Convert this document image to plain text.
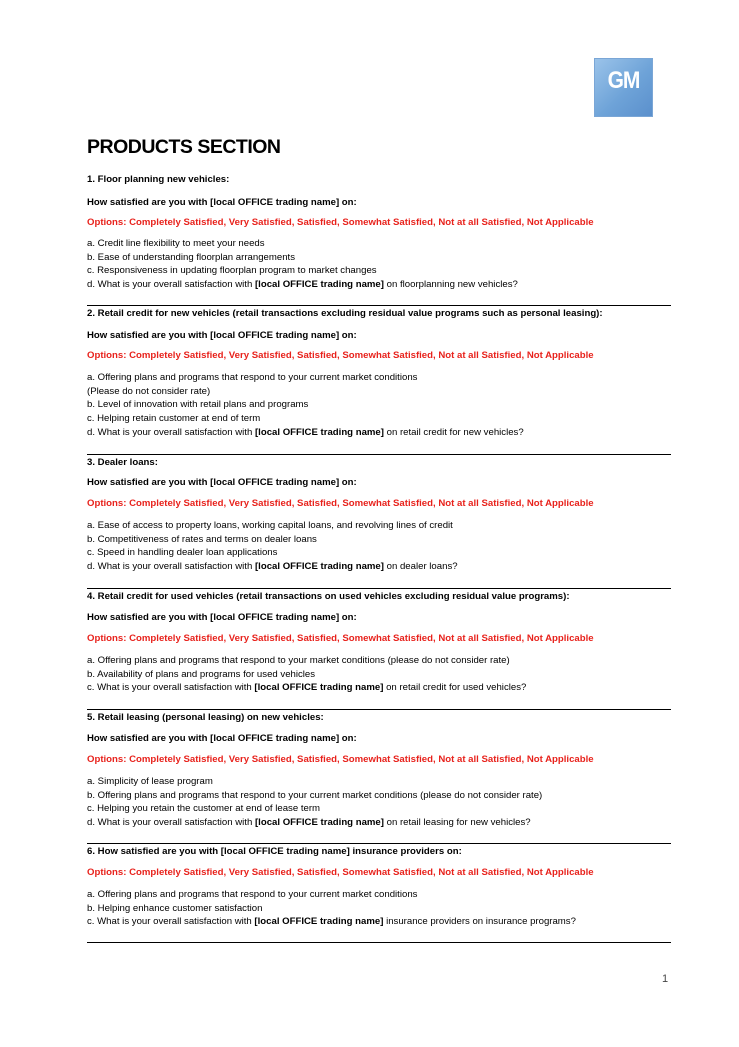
GM
PRODUCTS SECTION
1. Floor planning new vehicles:
How satisfied are you with [local OFFICE trading name] on:
Options: Completely Satisfied, Very Satisfied, Satisfied, Somewhat Satisfied, Not at all Satisfied, Not Applicable
a. Credit line flexibility to meet your needs
b. Ease of understanding floorplan arrangements
c. Responsiveness in updating floorplan program to market changes
d. What is your overall satisfaction with [local OFFICE trading name] on floorplanning new vehicles?
2. Retail credit for new vehicles (retail transactions excluding residual value programs such as personal leasing):
How satisfied are you with [local OFFICE trading name] on:
Options: Completely Satisfied, Very Satisfied, Satisfied, Somewhat Satisfied, Not at all Satisfied, Not Applicable
a. Offering plans and programs that respond to your current market conditions
(Please do not consider rate)
b. Level of innovation with retail plans and programs
c. Helping retain customer at end of term
d. What is your overall satisfaction with [local OFFICE trading name] on retail credit for new vehicles?
3. Dealer loans:
How satisfied are you with [local OFFICE trading name] on:
Options: Completely Satisfied, Very Satisfied, Satisfied, Somewhat Satisfied, Not at all Satisfied, Not Applicable
a. Ease of access to property loans, working capital loans, and revolving lines of credit
b. Competitiveness of rates and terms on dealer loans
c. Speed in handling dealer loan applications
d. What is your overall satisfaction with [local OFFICE trading name] on dealer loans?
4. Retail credit for used vehicles (retail transactions on used vehicles excluding residual value programs):
How satisfied are you with [local OFFICE trading name] on:
Options: Completely Satisfied, Very Satisfied, Satisfied, Somewhat Satisfied, Not at all Satisfied, Not Applicable
a. Offering plans and programs that respond to your market conditions (please do not consider rate)
b. Availability of plans and programs for used vehicles
c. What is your overall satisfaction with [local OFFICE trading name] on retail credit for used vehicles?
5. Retail leasing (personal leasing) on new vehicles:
How satisfied are you with [local OFFICE trading name] on:
Options: Completely Satisfied, Very Satisfied, Satisfied, Somewhat Satisfied, Not at all Satisfied, Not Applicable
a. Simplicity of lease program
b. Offering plans and programs that respond to your current market conditions (please do not consider rate)
c. Helping you retain the customer at end of lease term
d. What is your overall satisfaction with [local OFFICE trading name] on retail leasing for new vehicles?
6. How satisfied are you with [local OFFICE trading name] insurance providers on:
Options: Completely Satisfied, Very Satisfied, Satisfied, Somewhat Satisfied, Not at all Satisfied, Not Applicable
a. Offering plans and programs that respond to your current market conditions
b. Helping enhance customer satisfaction
c. What is your overall satisfaction with [local OFFICE trading name] insurance providers on insurance programs?
1
